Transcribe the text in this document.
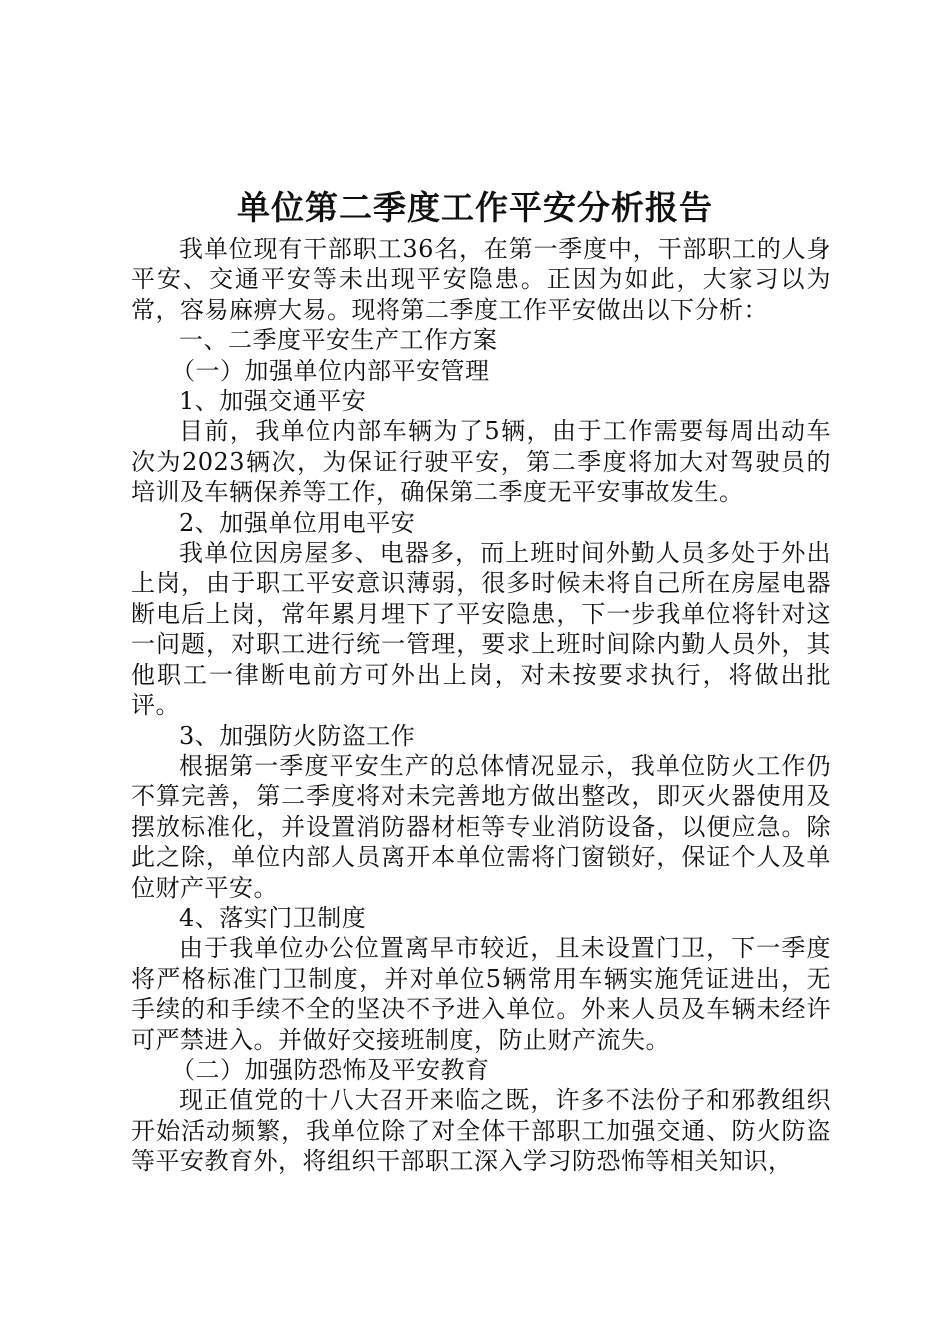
单位第二季度工作平安分析报告

我单位现有干部职工36名，在第一季度中，干部职工的人身平安、交通平安等未出现平安隐患。正因为如此，大家习以为常，容易麻痹大易。现将第二季度工作平安做出以下分析：

一、二季度平安生产工作方案

（一）加强单位内部平安管理

1、加强交通平安

目前，我单位内部车辆为了5辆，由于工作需要每周出动车次为2023辆次，为保证行驶平安，第二季度将加大对驾驶员的培训及车辆保养等工作，确保第二季度无平安事故发生。

2、加强单位用电平安

我单位因房屋多、电器多，而上班时间外勤人员多处于外出上岗，由于职工平安意识薄弱，很多时候未将自己所在房屋电器断电后上岗，常年累月埋下了平安隐患，下一步我单位将针对这一问题，对职工进行统一管理，要求上班时间除内勤人员外，其他职工一律断电前方可外出上岗，对未按要求执行，将做出批评。

3、加强防火防盗工作

根据第一季度平安生产的总体情况显示，我单位防火工作仍不算完善，第二季度将对未完善地方做出整改，即灭火器使用及摆放标准化，并设置消防器材柜等专业消防设备，以便应急。除此之除，单位内部人员离开本单位需将门窗锁好，保证个人及单位财产平安。

4、落实门卫制度

由于我单位办公位置离早市较近，且未设置门卫，下一季度将严格标准门卫制度，并对单位5辆常用车辆实施凭证进出，无手续的和手续不全的坚决不予进入单位。外来人员及车辆未经许可严禁进入。并做好交接班制度，防止财产流失。

（二）加强防恐怖及平安教育

现正值党的十八大召开来临之既，许多不法份子和邪教组织开始活动频繁，我单位除了对全体干部职工加强交通、防火防盗等平安教育外，将组织干部职工深入学习防恐怖等相关知识，
